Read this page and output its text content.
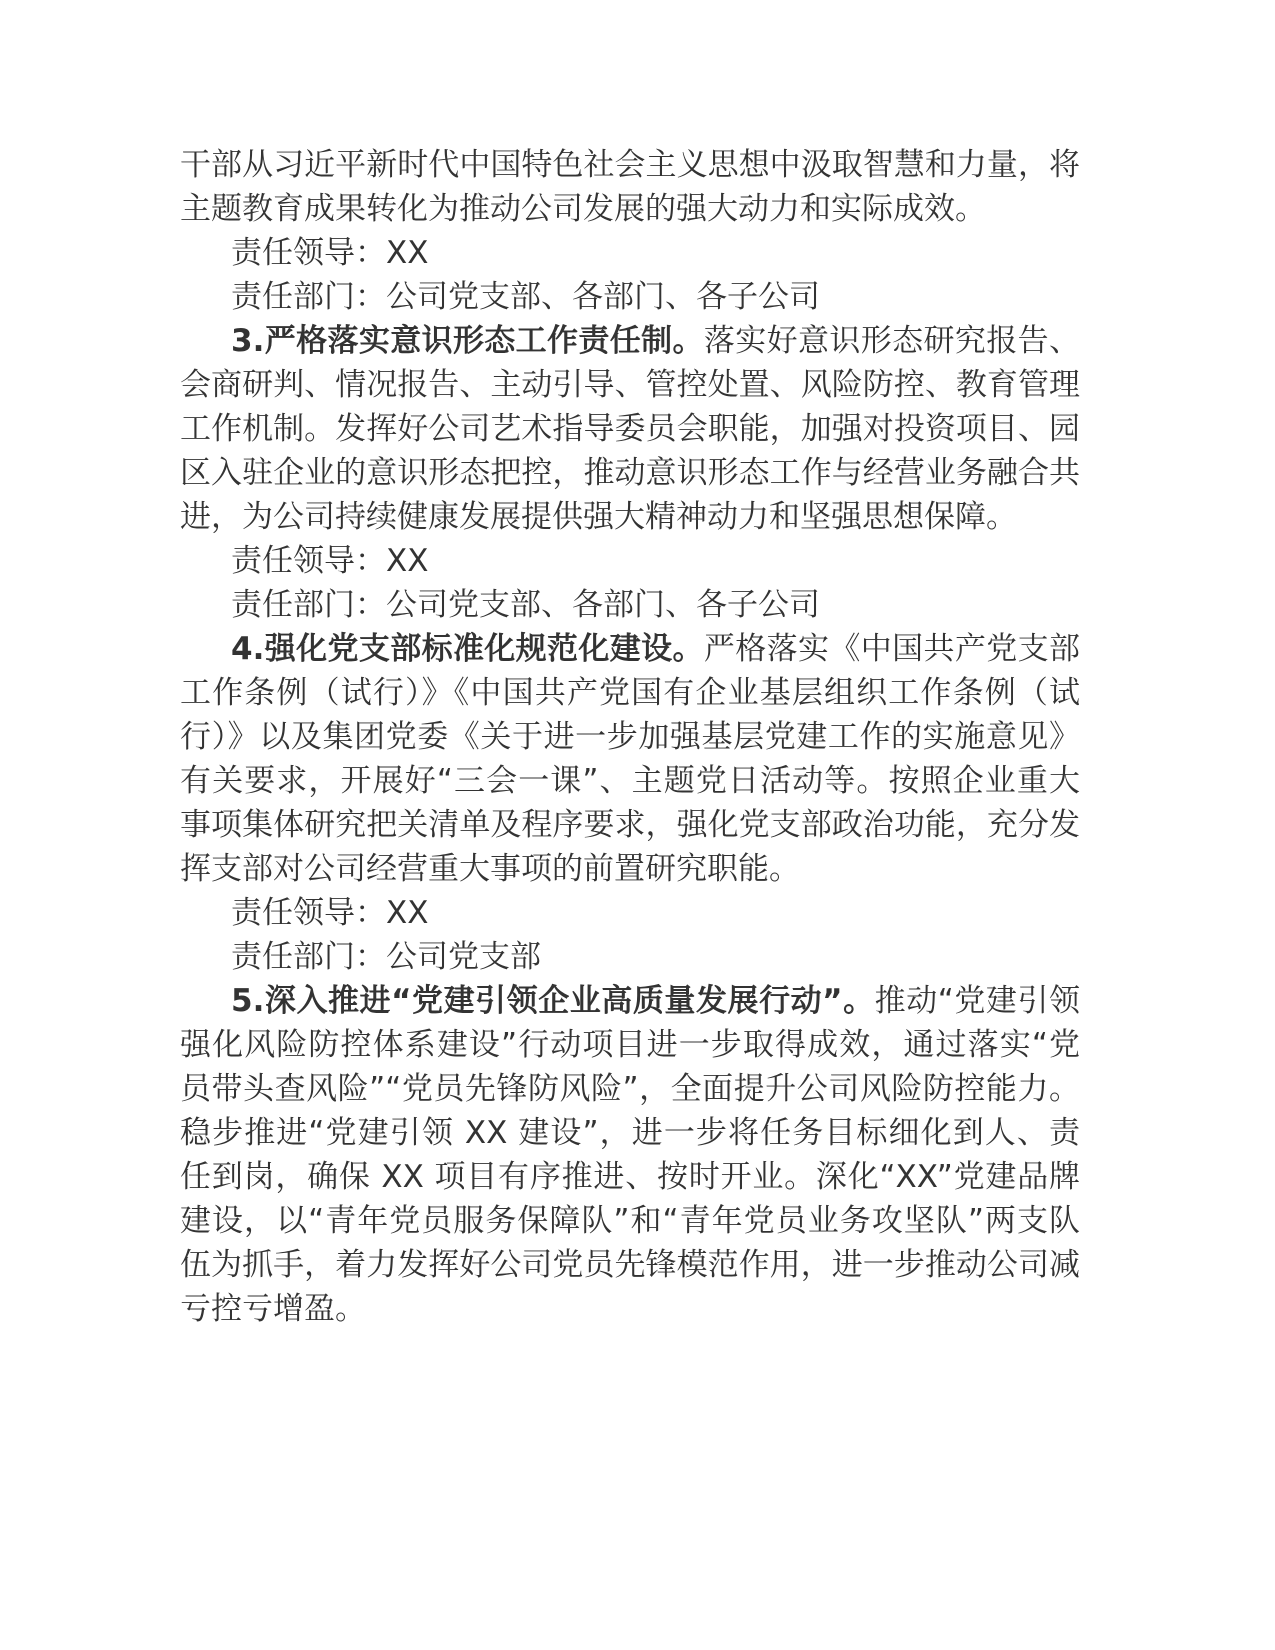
干部从习近平新时代中国特色社会主义思想中汲取智慧和力量，将主题教育成果转化为推动公司发展的强大动力和实际成效。

责任领导：XX

责任部门：公司党支部、各部门、各子公司

3.严格落实意识形态工作责任制。落实好意识形态研究报告、会商研判、情况报告、主动引导、管控处置、风险防控、教育管理工作机制。发挥好公司艺术指导委员会职能，加强对投资项目、园区入驻企业的意识形态把控，推动意识形态工作与经营业务融合共进，为公司持续健康发展提供强大精神动力和坚强思想保障。

责任领导：XX

责任部门：公司党支部、各部门、各子公司

4.强化党支部标准化规范化建设。严格落实《中国共产党支部工作条例（试行）》《中国共产党国有企业基层组织工作条例（试行）》以及集团党委《关于进一步加强基层党建工作的实施意见》有关要求，开展好“三会一课”、主题党日活动等。按照企业重大事项集体研究把关清单及程序要求，强化党支部政治功能，充分发挥支部对公司经营重大事项的前置研究职能。

责任领导：XX

责任部门：公司党支部

5.深入推进“党建引领企业高质量发展行动”。推动“党建引领强化风险防控体系建设”行动项目进一步取得成效，通过落实“党员带头查风险”“党员先锋防风险”，全面提升公司风险防控能力。稳步推进“党建引领 XX 建设”，进一步将任务目标细化到人、责任到岗，确保 XX 项目有序推进、按时开业。深化“XX”党建品牌建设，以“青年党员服务保障队”和“青年党员业务攻坚队”两支队伍为抓手，着力发挥好公司党员先锋模范作用，进一步推动公司减亏控亏增盈。
